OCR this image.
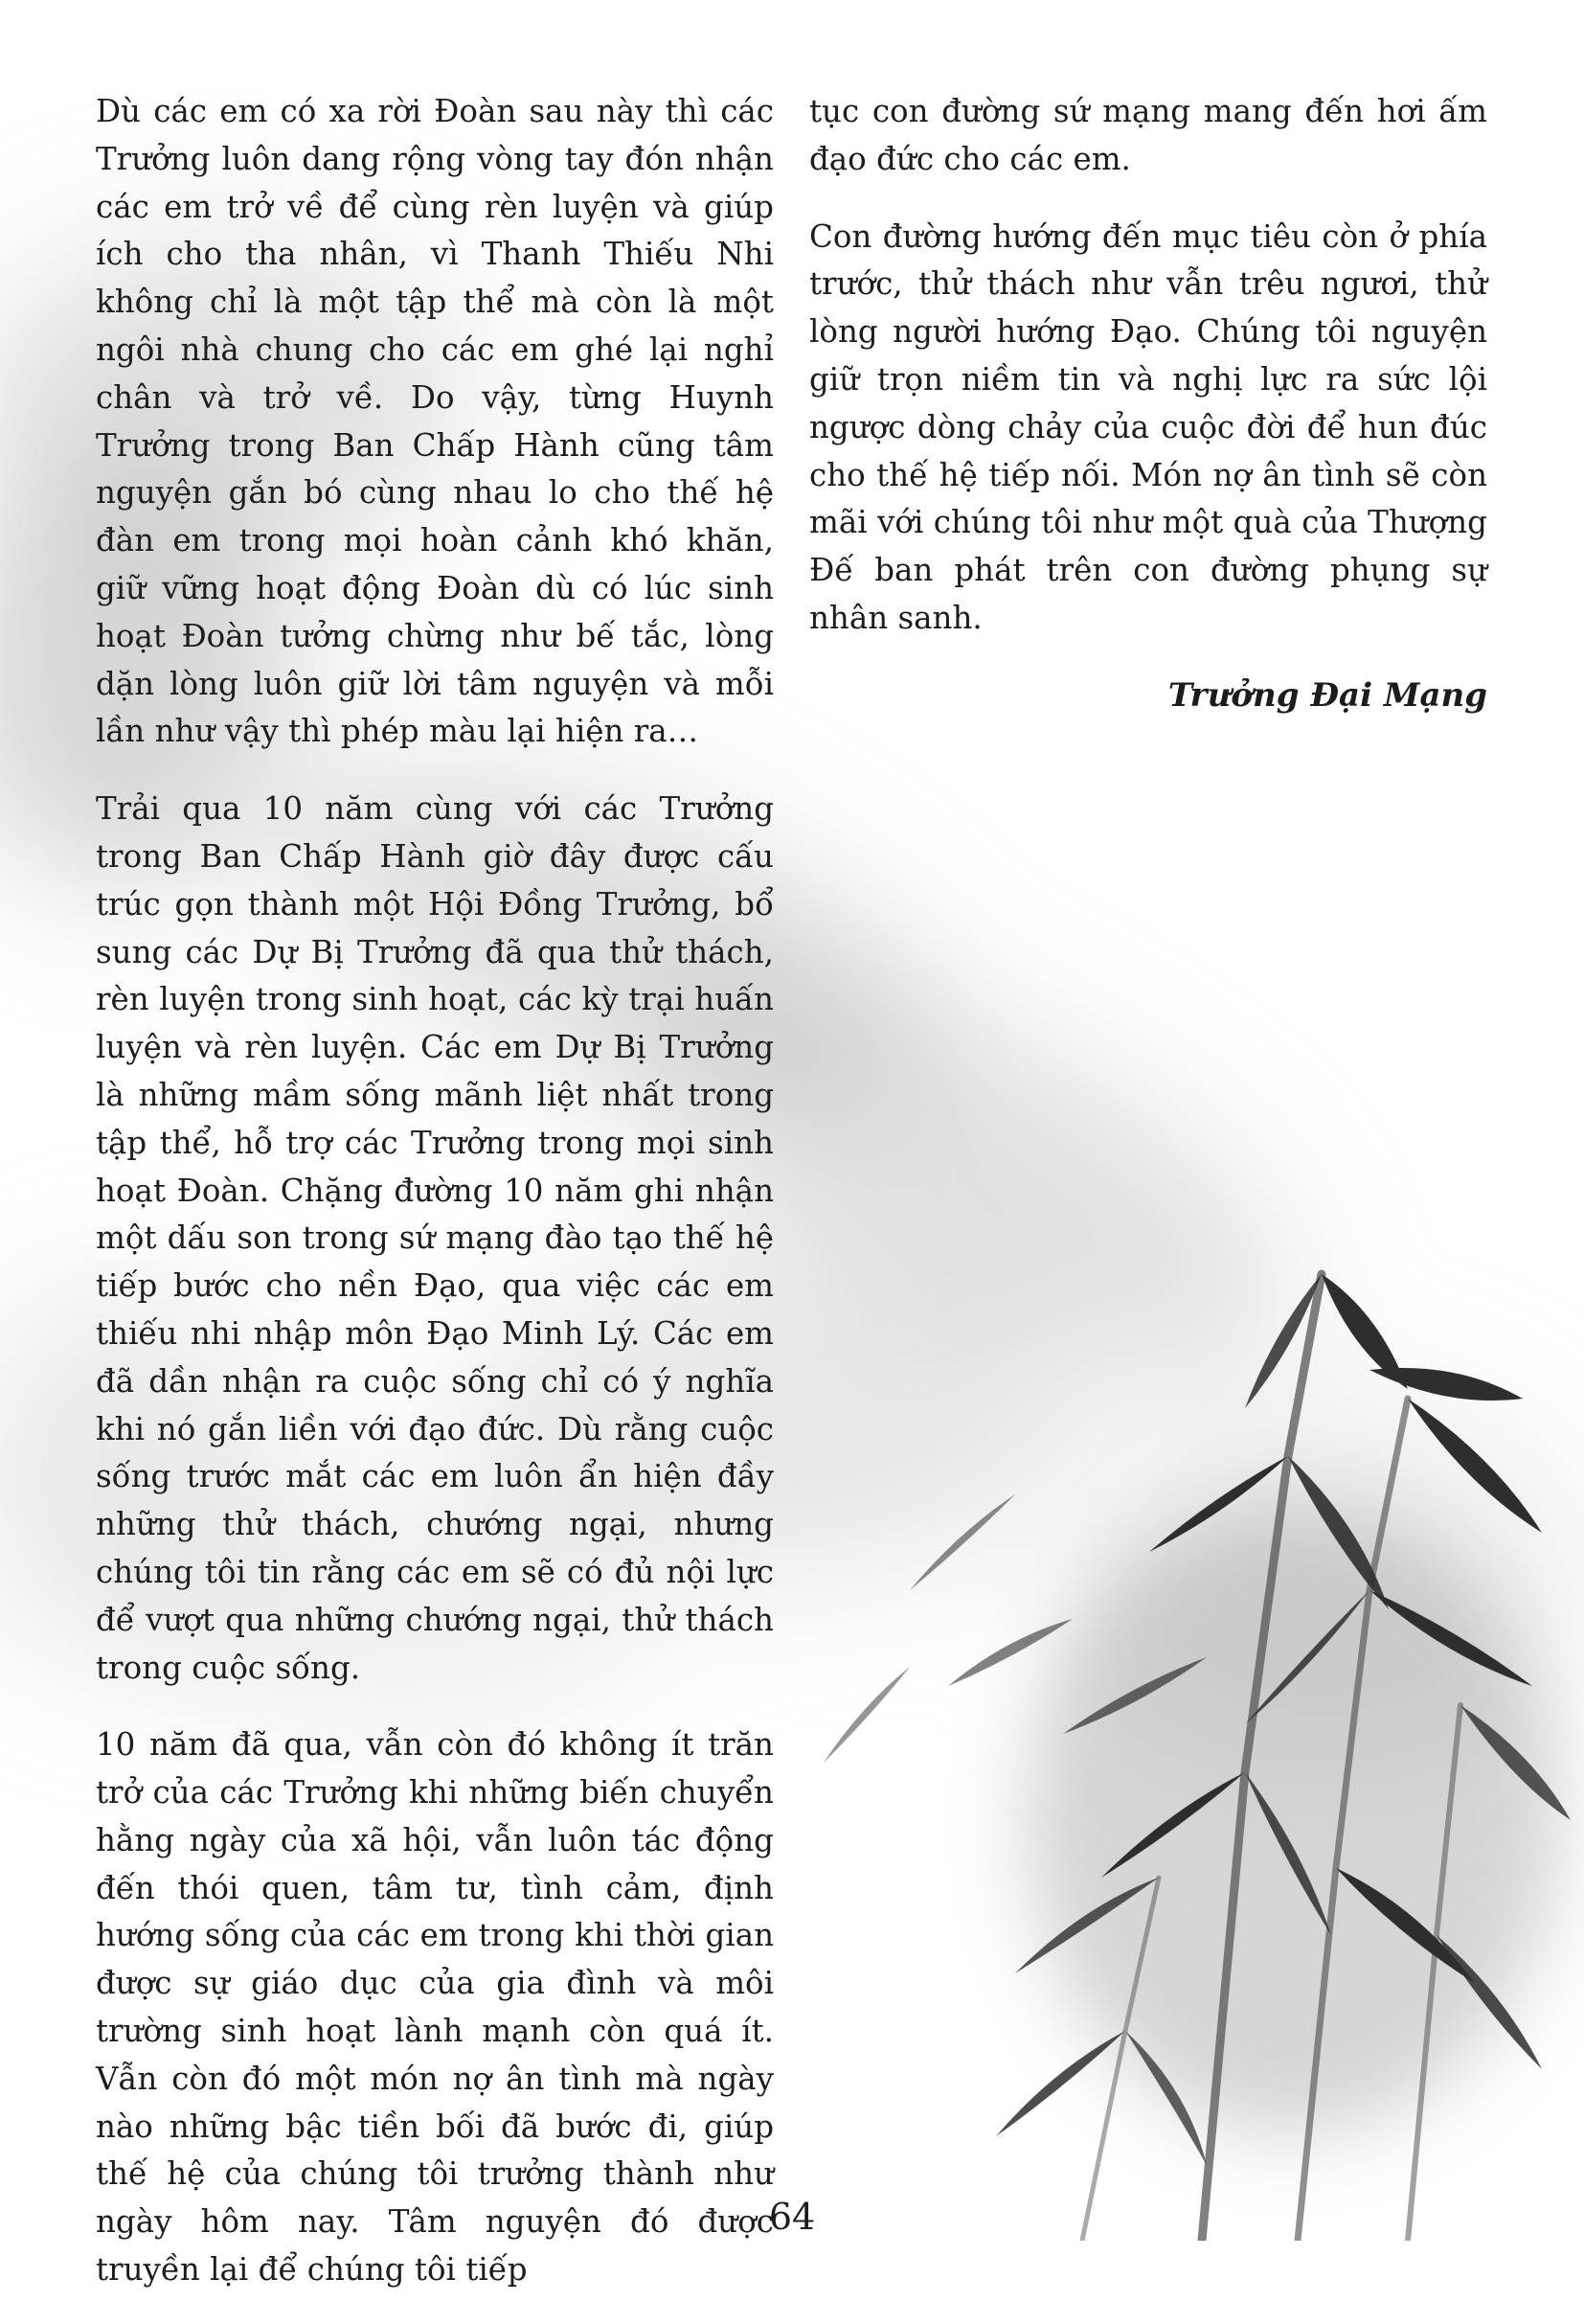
Dù các em có xa rời Đoàn sau này thì các Trưởng luôn dang rộng vòng tay đón nhận các em trở về để cùng rèn luyện và giúp ích cho tha nhân, vì Thanh Thiếu Nhi không chỉ là một tập thể mà còn là một ngôi nhà chung cho các em ghé lại nghỉ chân và trở về. Do vậy, từng Huynh Trưởng trong Ban Chấp Hành cũng tâm nguyện gắn bó cùng nhau lo cho thế hệ đàn em trong mọi hoàn cảnh khó khăn, giữ vững hoạt động Đoàn dù có lúc sinh hoạt Đoàn tưởng chừng như bế tắc, lòng dặn lòng luôn giữ lời tâm nguyện và mỗi lần như vậy thì phép màu lại hiện ra…

Trải qua 10 năm cùng với các Trưởng trong Ban Chấp Hành giờ đây được cấu trúc gọn thành một Hội Đồng Trưởng, bổ sung các Dự Bị Trưởng đã qua thử thách, rèn luyện trong sinh hoạt, các kỳ trại huấn luyện và rèn luyện. Các em Dự Bị Trưởng là những mầm sống mãnh liệt nhất trong tập thể, hỗ trợ các Trưởng trong mọi sinh hoạt Đoàn. Chặng đường 10 năm ghi nhận một dấu son trong sứ mạng đào tạo thế hệ tiếp bước cho nền Đạo, qua việc các em thiếu nhi nhập môn Đạo Minh Lý. Các em đã dần nhận ra cuộc sống chỉ có ý nghĩa khi nó gắn liền với đạo đức. Dù rằng cuộc sống trước mắt các em luôn ẩn hiện đầy những thử thách, chướng ngại, nhưng chúng tôi tin rằng các em sẽ có đủ nội lực để vượt qua những chướng ngại, thử thách trong cuộc sống.

10 năm đã qua, vẫn còn đó không ít trăn trở của các Trưởng khi những biến chuyển hằng ngày của xã hội, vẫn luôn tác động đến thói quen, tâm tư, tình cảm, định hướng sống của các em trong khi thời gian được sự giáo dục của gia đình và môi trường sinh hoạt lành mạnh còn quá ít. Vẫn còn đó một món nợ ân tình mà ngày nào những bậc tiền bối đã bước đi, giúp thế hệ của chúng tôi trưởng thành như ngày hôm nay. Tâm nguyện đó được truyền lại để chúng tôi tiếp

tục con đường sứ mạng mang đến hơi ấm đạo đức cho các em.

Con đường hướng đến mục tiêu còn ở phía trước, thử thách như vẫn trêu ngươi, thử lòng người hướng Đạo. Chúng tôi nguyện giữ trọn niềm tin và nghị lực ra sức lội ngược dòng chảy của cuộc đời để hun đúc cho thế hệ tiếp nối. Món nợ ân tình sẽ còn mãi với chúng tôi như một quà của Thượng Đế ban phát trên con đường phụng sự nhân sanh.

Trưởng Đại Mạng
64
